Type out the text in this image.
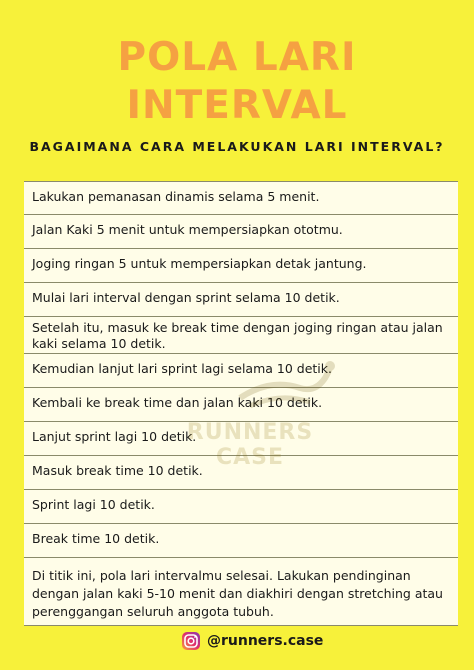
POLA LARI
INTERVAL
BAGAIMANA CARA MELAKUKAN LARI INTERVAL?
Lakukan pemanasan dinamis selama 5 menit.
Jalan Kaki 5 menit untuk mempersiapkan ototmu.
Joging ringan 5 untuk mempersiapkan detak jantung.
Mulai lari interval dengan sprint selama 10 detik.
Setelah itu, masuk ke break time dengan joging ringan atau jalan kaki selama 10 detik.
Kemudian lanjut lari sprint lagi selama 10 detik.
Kembali ke break time dan jalan kaki 10 detik.
Lanjut sprint lagi 10 detik.
Masuk break time 10 detik.
Sprint lagi 10 detik.
Break time 10 detik.
Di titik ini, pola lari intervalmu selesai. Lakukan pendinginan dengan jalan kaki 5-10 menit dan diakhiri dengan stretching atau perenggangan seluruh anggota tubuh.
@runners.case
